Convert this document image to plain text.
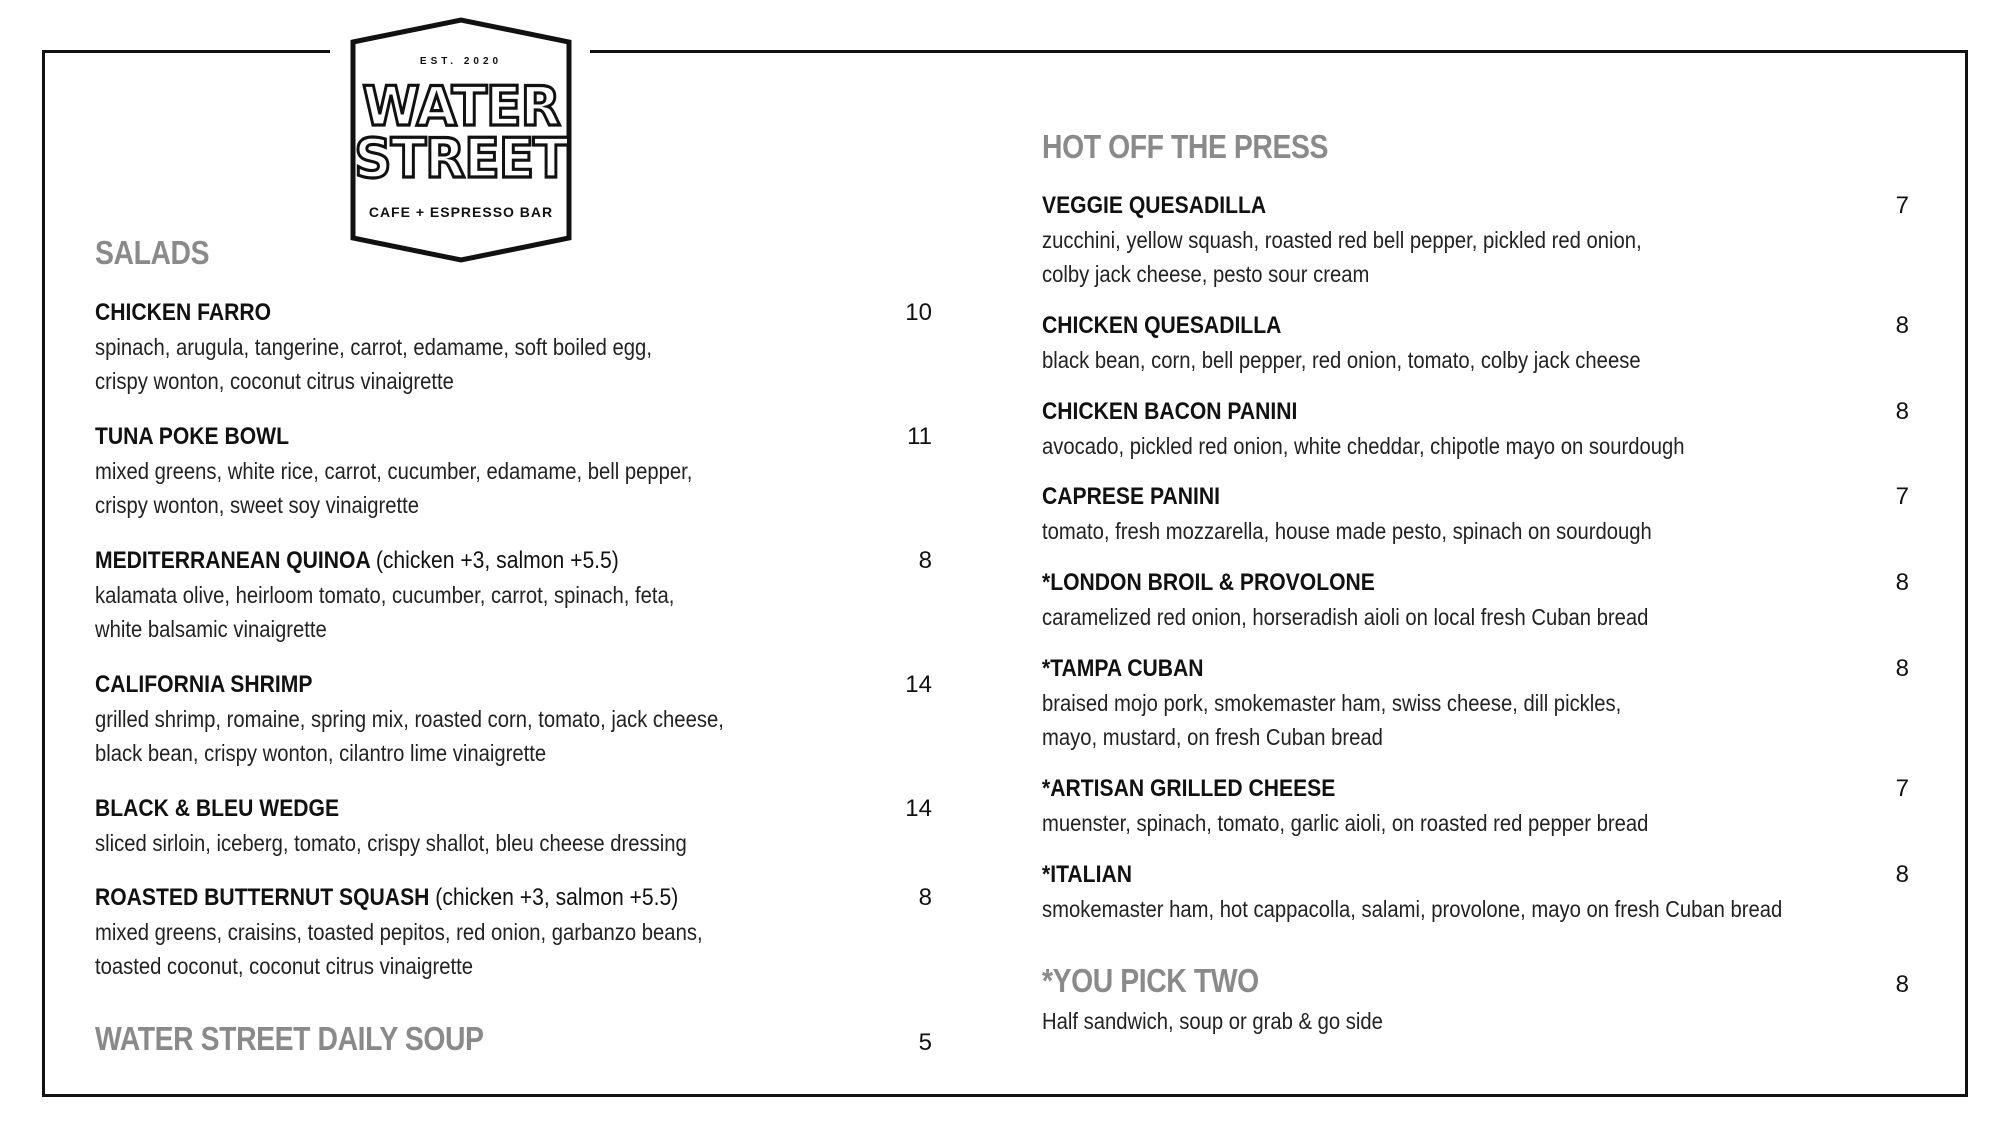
EST. 2020
WATER
STREET
CAFE + ESPRESSO BAR
SALADS
CHICKEN FARRO
spinach, arugula, tangerine, carrot, edamame, soft boiled egg,
crispy wonton, coconut citrus vinaigrette
10
TUNA POKE BOWL
mixed greens, white rice, carrot, cucumber, edamame, bell pepper,
crispy wonton, sweet soy vinaigrette
11
MEDITERRANEAN QUINOA (chicken +3, salmon +5.5)
kalamata olive, heirloom tomato, cucumber, carrot, spinach, feta,
white balsamic vinaigrette
8
CALIFORNIA SHRIMP
grilled shrimp, romaine, spring mix, roasted corn, tomato, jack cheese,
black bean, crispy wonton, cilantro lime vinaigrette
14
BLACK & BLEU WEDGE
sliced sirloin, iceberg, tomato, crispy shallot, bleu cheese dressing
14
ROASTED BUTTERNUT SQUASH (chicken +3, salmon +5.5)
mixed greens, craisins, toasted pepitos, red onion, garbanzo beans,
toasted coconut, coconut citrus vinaigrette
8
WATER STREET DAILY SOUP	5
HOT OFF THE PRESS
VEGGIE QUESADILLA
zucchini, yellow squash, roasted red bell pepper, pickled red onion,
colby jack cheese, pesto sour cream
7
CHICKEN QUESADILLA
black bean, corn, bell pepper, red onion, tomato, colby jack cheese
8
CHICKEN BACON PANINI
avocado, pickled red onion, white cheddar, chipotle mayo on sourdough
8
CAPRESE PANINI
tomato, fresh mozzarella, house made pesto, spinach on sourdough
7
*LONDON BROIL & PROVOLONE
caramelized red onion, horseradish aioli on local fresh Cuban bread
8
*TAMPA CUBAN
braised mojo pork, smokemaster ham, swiss cheese, dill pickles,
mayo, mustard, on fresh Cuban bread
8
*ARTISAN GRILLED CHEESE
muenster, spinach, tomato, garlic aioli, on roasted red pepper bread
7
*ITALIAN
smokemaster ham, hot cappacolla, salami, provolone, mayo on fresh Cuban bread
8
*YOU PICK TWO	8
Half sandwich, soup or grab & go side
